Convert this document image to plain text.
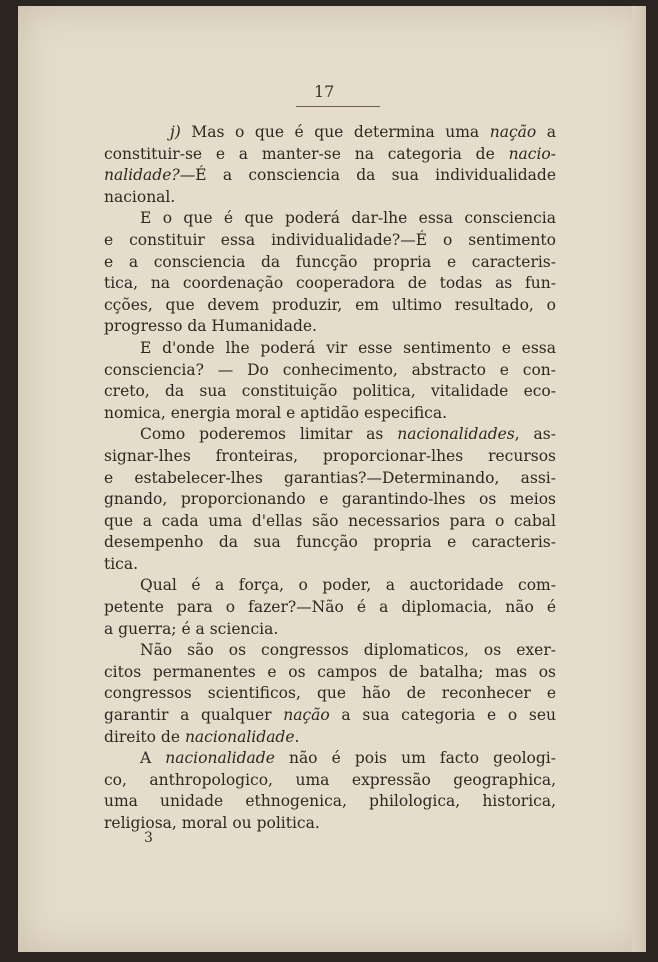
17
j) Mas o que é que determina uma nação a
constituir-se e a manter-se na categoria de nacio-
nalidade?—É a consciencia da sua individualidade
nacional.
E o que é que poderá dar-lhe essa consciencia
e constituir essa individualidade?—É o sentimento
e a consciencia da funcção propria e caracteris-
tica, na coordenação cooperadora de todas as fun-
cções, que devem produzir, em ultimo resultado, o
progresso da Humanidade.
E d'onde lhe poderá vir esse sentimento e essa
consciencia? — Do conhecimento, abstracto e con-
creto, da sua constituição politica, vitalidade eco-
nomica, energia moral e aptidão especifica.
Como poderemos limitar as nacionalidades, as-
signar-lhes fronteiras, proporcionar-lhes recursos
e estabelecer-lhes garantias?—Determinando, assi-
gnando, proporcionando e garantindo-lhes os meios
que a cada uma d'ellas são necessarios para o cabal
desempenho da sua funcção propria e caracteris-
tica.
Qual é a força, o poder, a auctoridade com-
petente para o fazer?—Não é a diplomacia, não é
a guerra; é a sciencia.
Não são os congressos diplomaticos, os exer-
citos permanentes e os campos de batalha; mas os
congressos scientificos, que hão de reconhecer e
garantir a qualquer nação a sua categoria e o seu
direito de nacionalidade.
A nacionalidade não é pois um facto geologi-
co, anthropologico, uma expressão geographica,
uma unidade ethnogenica, philologica, historica,
religiosa, moral ou politica.
3
